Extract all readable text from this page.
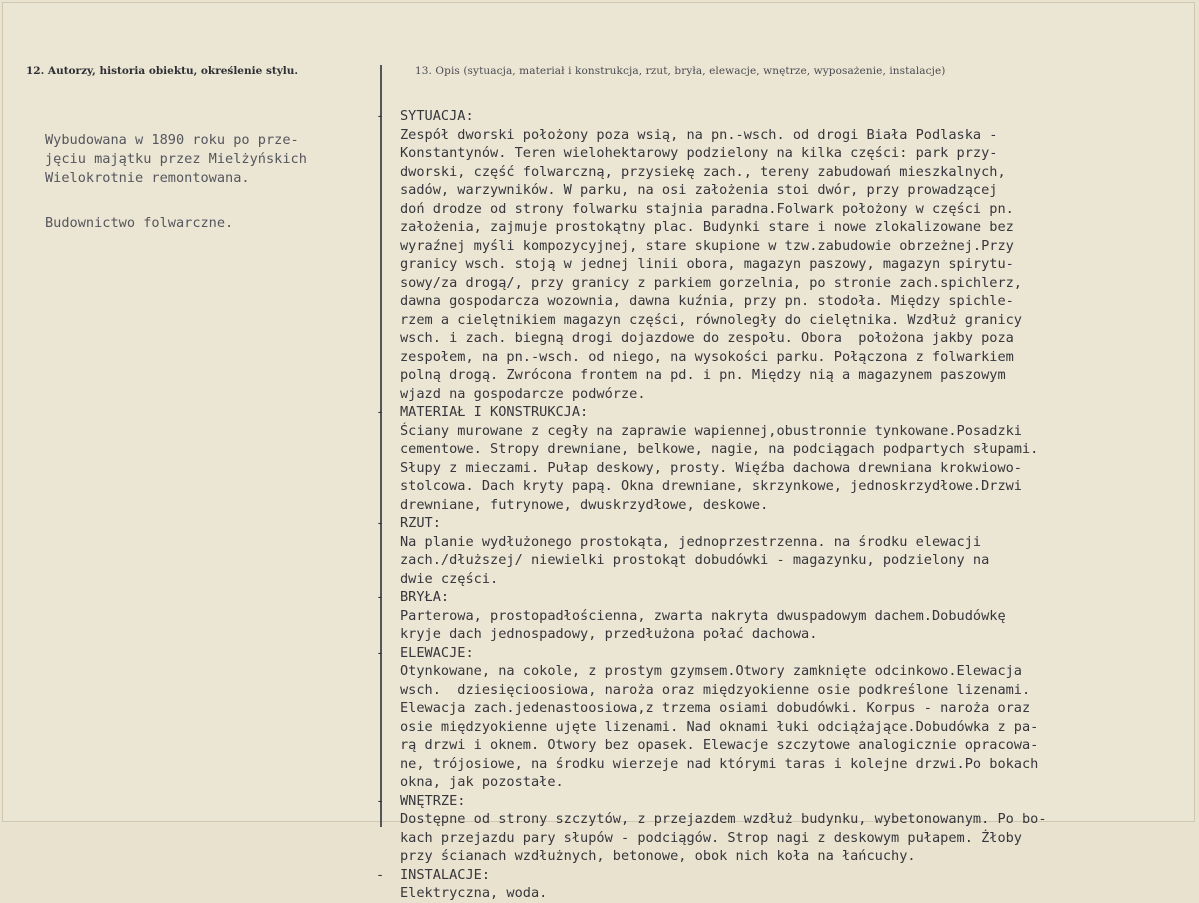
12. Autorzy, historia obiektu, określenie stylu.	13. Opis (sytuacja, materiał i konstrukcja, rzut, bryła, elewacje, wnętrze, wyposażenie, instalacje)

Wybudowana w 1890 roku po prze-

jęciu majątku przez Mielżyńskich

Wielokrotnie remontowana.

Budownictwo folwarczne.

- SYTUACJA:
Zespół dworski położony poza wsią, na pn.-wsch. od drogi Biała Podlaska -
Konstantynów. Teren wielohektarowy podzielony na kilka części: park przy-
dworski, część folwarczną, przysiekę zach., tereny zabudowań mieszkalnych,
sadów, warzywników. W parku, na osi założenia stoi dwór, przy prowadzącej
doń drodze od strony folwarku stajnia paradna.Folwark położony w części pn.
założenia, zajmuje prostokątny plac. Budynki stare i nowe zlokalizowane bez
wyraźnej myśli kompozycyjnej, stare skupione w tzw.zabudowie obrzeżnej.Przy
granicy wsch. stoją w jednej linii obora, magazyn paszowy, magazyn spirytu-
sowy/za drogą/, przy granicy z parkiem gorzelnia, po stronie zach.spichlerz,
dawna gospodarcza wozownia, dawna kuźnia, przy pn. stodoła. Między spichle-
rzem a cielętnikiem magazyn części, równoległy do cielętnika. Wzdłuż granicy
wsch. i zach. biegną drogi dojazdowe do zespołu. Obora  położona jakby poza
zespołem, na pn.-wsch. od niego, na wysokości parku. Połączona z folwarkiem
polną drogą. Zwrócona frontem na pd. i pn. Między nią a magazynem paszowym
wjazd na gospodarcze podwórze.
- MATERIAŁ I KONSTRUKCJA:
Ściany murowane z cegły na zaprawie wapiennej,obustronnie tynkowane.Posadzki
cementowe. Stropy drewniane, belkowe, nagie, na podciągach podpartych słupami.
Słupy z mieczami. Pułap deskowy, prosty. Więźba dachowa drewniana krokwiowo-
stolcowa. Dach kryty papą. Okna drewniane, skrzynkowe, jednoskrzydłowe.Drzwi
drewniane, futrynowe, dwuskrzydłowe, deskowe.
- RZUT:
Na planie wydłużonego prostokąta, jednoprzestrzenna. na środku elewacji
zach./dłuższej/ niewielki prostokąt dobudówki - magazynku, podzielony na
dwie części.
- BRYŁA:
Parterowa, prostopadłościenna, zwarta nakryta dwuspadowym dachem.Dobudówkę
kryje dach jednospadowy, przedłużona połać dachowa.
- ELEWACJE:
Otynkowane, na cokole, z prostym gzymsem.Otwory zamknięte odcinkowo.Elewacja
wsch.  dziesięcioosiowa, naroża oraz międzyokienne osie podkreślone lizenami.
Elewacja zach.jedenastoosiowa,z trzema osiami dobudówki. Korpus - naroża oraz
osie międzyokienne ujęte lizenami. Nad oknami łuki odciążające.Dobudówka z pa-
rą drzwi i oknem. Otwory bez opasek. Elewacje szczytowe analogicznie opracowa-
ne, trójosiowe, na środku wierzeje nad którymi taras i kolejne drzwi.Po bokach
okna, jak pozostałe.
- WNĘTRZE:
Dostępne od strony szczytów, z przejazdem wzdłuż budynku, wybetonowanym. Po bo-
kach przejazdu pary słupów - podciągów. Strop nagi z deskowym pułapem. Żłoby
przy ścianach wzdłużnych, betonowe, obok nich koła na łańcuchy.
- INSTALACJE:
Elektryczna, woda.
